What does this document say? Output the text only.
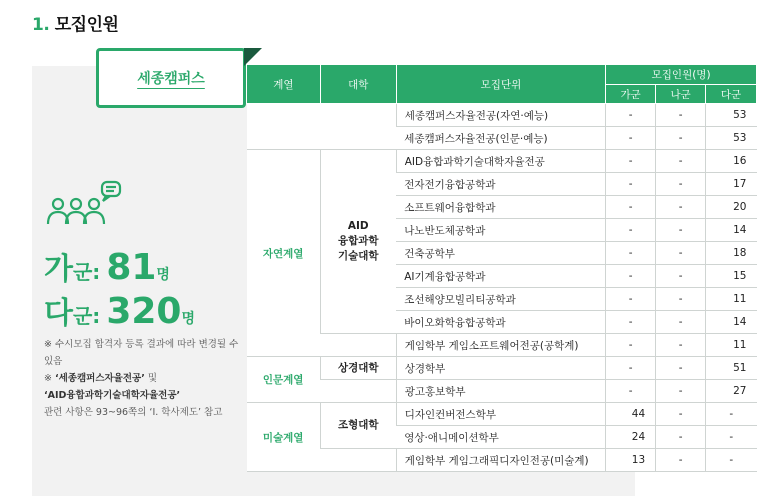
1. 모집인원
세종캠퍼스
가군: 81명
다군: 320명
※ 수시모집 합격자 등록 결과에 따라 변경될 수 있음
※ ‘세종캠퍼스자율전공’ 및
‘AID융합과학기술대학자율전공’
관련 사항은 93~96쪽의 ‘Ⅰ. 학사제도’ 참고
계열	대학	모집단위	모집인원(명)		
			가군	나군	다군
		세종캠퍼스자율전공(자연·예능)	-	-	53
		세종캠퍼스자율전공(인문·예능)	-	-	53
자연계열	AID
융합과학
기술대학	AID융합과학기술대학자율전공	-	-	16
		전자전기융합공학과	-	-	17
		소프트웨어융합학과	-	-	20
		나노반도체공학과	-	-	14
		건축공학부	-	-	18
		AI기계융합공학과	-	-	15
		조선해양모빌리티공학과	-	-	11
		바이오화학융합공학과	-	-	14
		게임학부 게임소프트웨어전공(공학계)	-	-	11
인문계열	상경대학	상경학부	-	-	51
		광고홍보학부	-	-	27
미술계열	조형대학	디자인컨버전스학부	44	-	-
		영상·애니메이션학부	24	-	-
		게임학부 게임그래픽디자인전공(미술계)	13	-	-
